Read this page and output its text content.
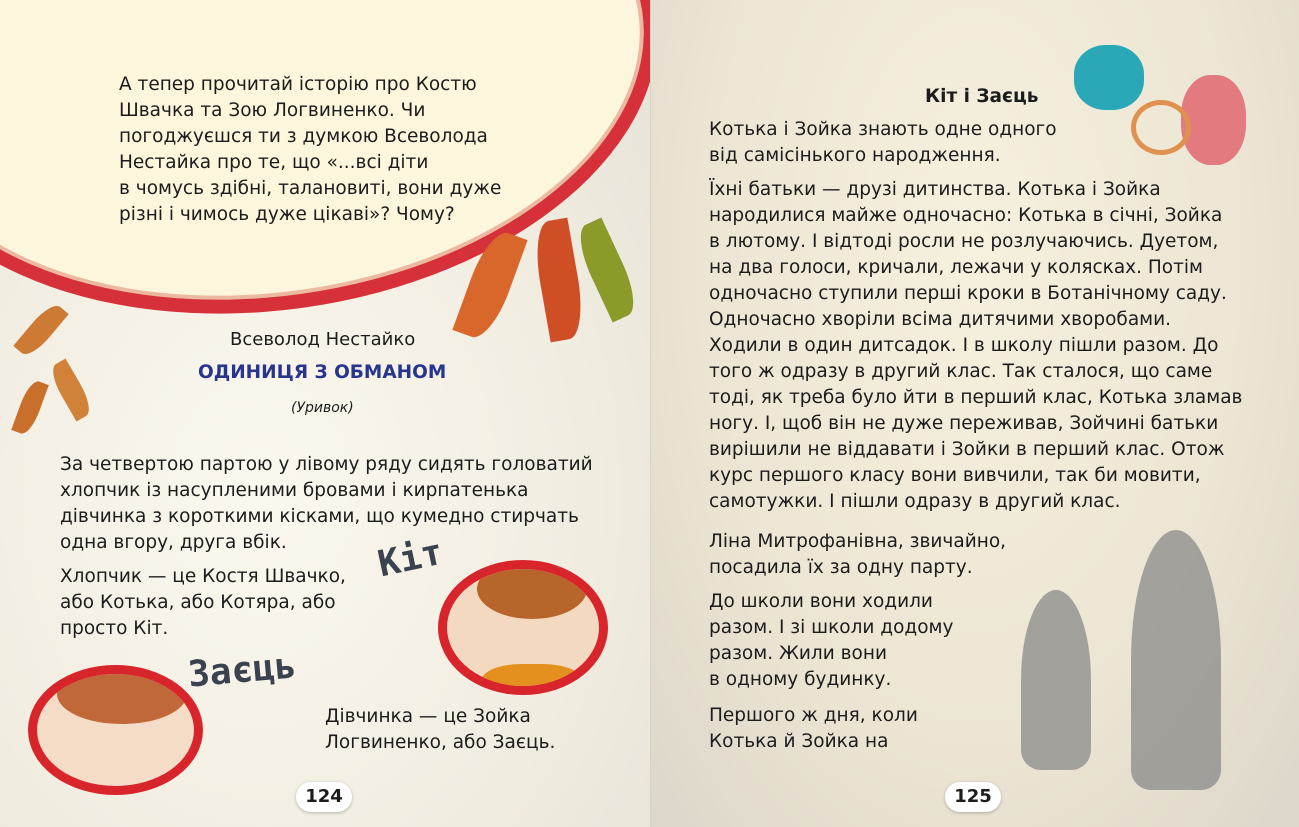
А тепер прочитай історію про Костю
Швачка та Зою Логвиненко. Чи
погоджуєшся ти з думкою Всеволода
Нестайка про те, що «...всі діти
в чомусь здібні, талановиті, вони дуже
різні і чимось дуже цікаві»? Чому?
Всеволод Нестайко
ОДИНИЦЯ З ОБМАНОМ
(Уривок)
За четвертою партою у лівому ряду сидять головатий
хлопчик із насупленими бровами і кирпатенька
дівчинка з короткими кісками, що кумедно стирчать
одна вгору, друга вбік.
Хлопчик — це Костя Швачко,
або Котька, або Котяра, або
просто Кіт.
Дівчинка — це Зойка
Логвиненко, або Заєць.
Кіт
Заєць
124
Кіт і Заєць
Котька і Зойка знають одне одного
від самісінького народження.
Їхні батьки — друзі дитинства. Котька і Зойка
народилися майже одночасно: Котька в січні, Зойка
в лютому. І відтоді росли не розлучаючись. Дуетом,
на два голоси, кричали, лежачи у колясках. Потім
одночасно ступили перші кроки в Ботанічному саду.
Одночасно хворіли всіма дитячими хворобами.
Ходили в один дитсадок. І в школу пішли разом. До
того ж одразу в другий клас. Так сталося, що саме
тоді, як треба було йти в перший клас, Котька зламав
ногу. І, щоб він не дуже переживав, Зойчині батьки
вирішили не віддавати і Зойки в перший клас. Отож
курс першого класу вони вивчили, так би мовити,
самотужки. І пішли одразу в другий клас.
Ліна Митрофанівна, звичайно,
посадила їх за одну парту.
До школи вони ходили
разом. І зі школи додому
разом. Жили вони
в одному будинку.
Першого ж дня, коли
Котька й Зойка на
125
